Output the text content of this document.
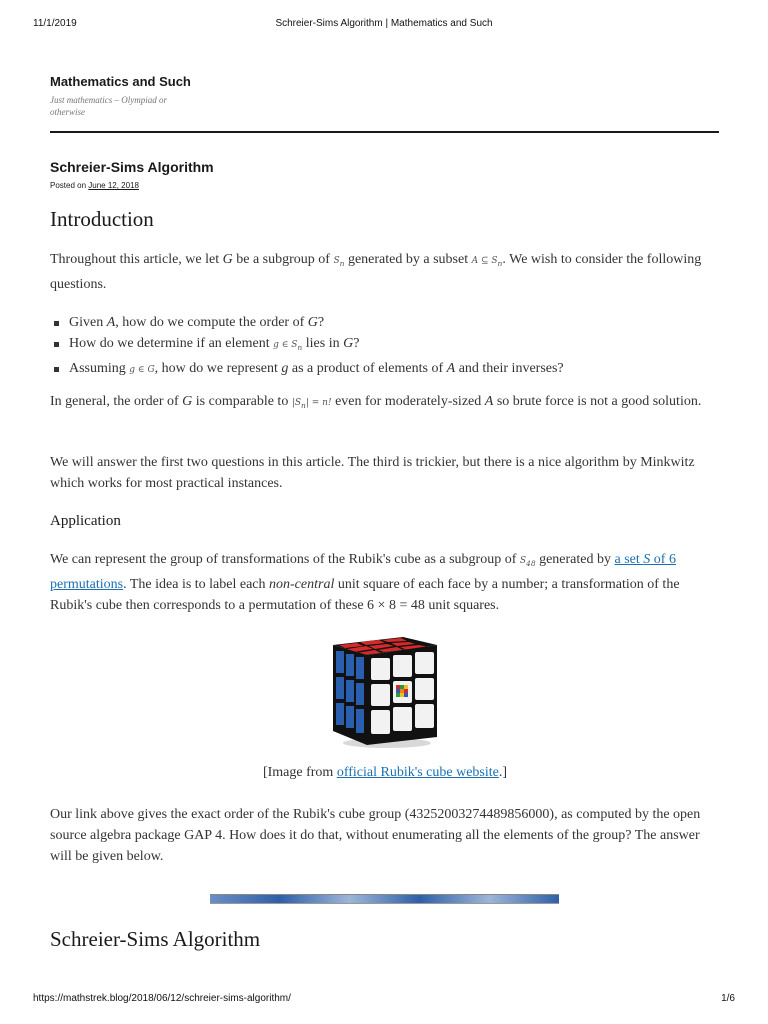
11/1/2019	Schreier-Sims Algorithm | Mathematics and Such
Mathematics and Such
Just mathematics – Olympiad or otherwise
Schreier-Sims Algorithm
Posted on June 12, 2018
Introduction

Throughout this article, we let G be a subgroup of $S_n$ generated by a subset A ⊆ $S_n$. We wish to consider the following questions.

Given A, how do we compute the order of G?
How do we determine if an element g ∈ $S_n$ lies in G?
Assuming g ∈ G, how do we represent g as a product of elements of A and their inverses?

In general, the order of G is comparable to $|S_n| = n$! even for moderately-sized A so brute force is not a good solution.

We will answer the first two questions in this article. The third is trickier, but there is a nice algorithm by Minkwitz which works for most practical instances.

Application

We can represent the group of transformations of the Rubik's cube as a subgroup of $S_{48}$ generated by a set S of 6 permutations. The idea is to label each non-central unit square of each face by a number; a transformation of the Rubik's cube then corresponds to a permutation of these 6 × 8 = 48 unit squares.

[Image from official Rubik's cube website.]

Our link above gives the exact order of the Rubik's cube group (43252003274489856000), as computed by the open source algebra package GAP 4. How does it do that, without enumerating all the elements of the group? The answer will be given below.

Schreier-Sims Algorithm
https://mathstrek.blog/2018/06/12/schreier-sims-algorithm/	1/6
